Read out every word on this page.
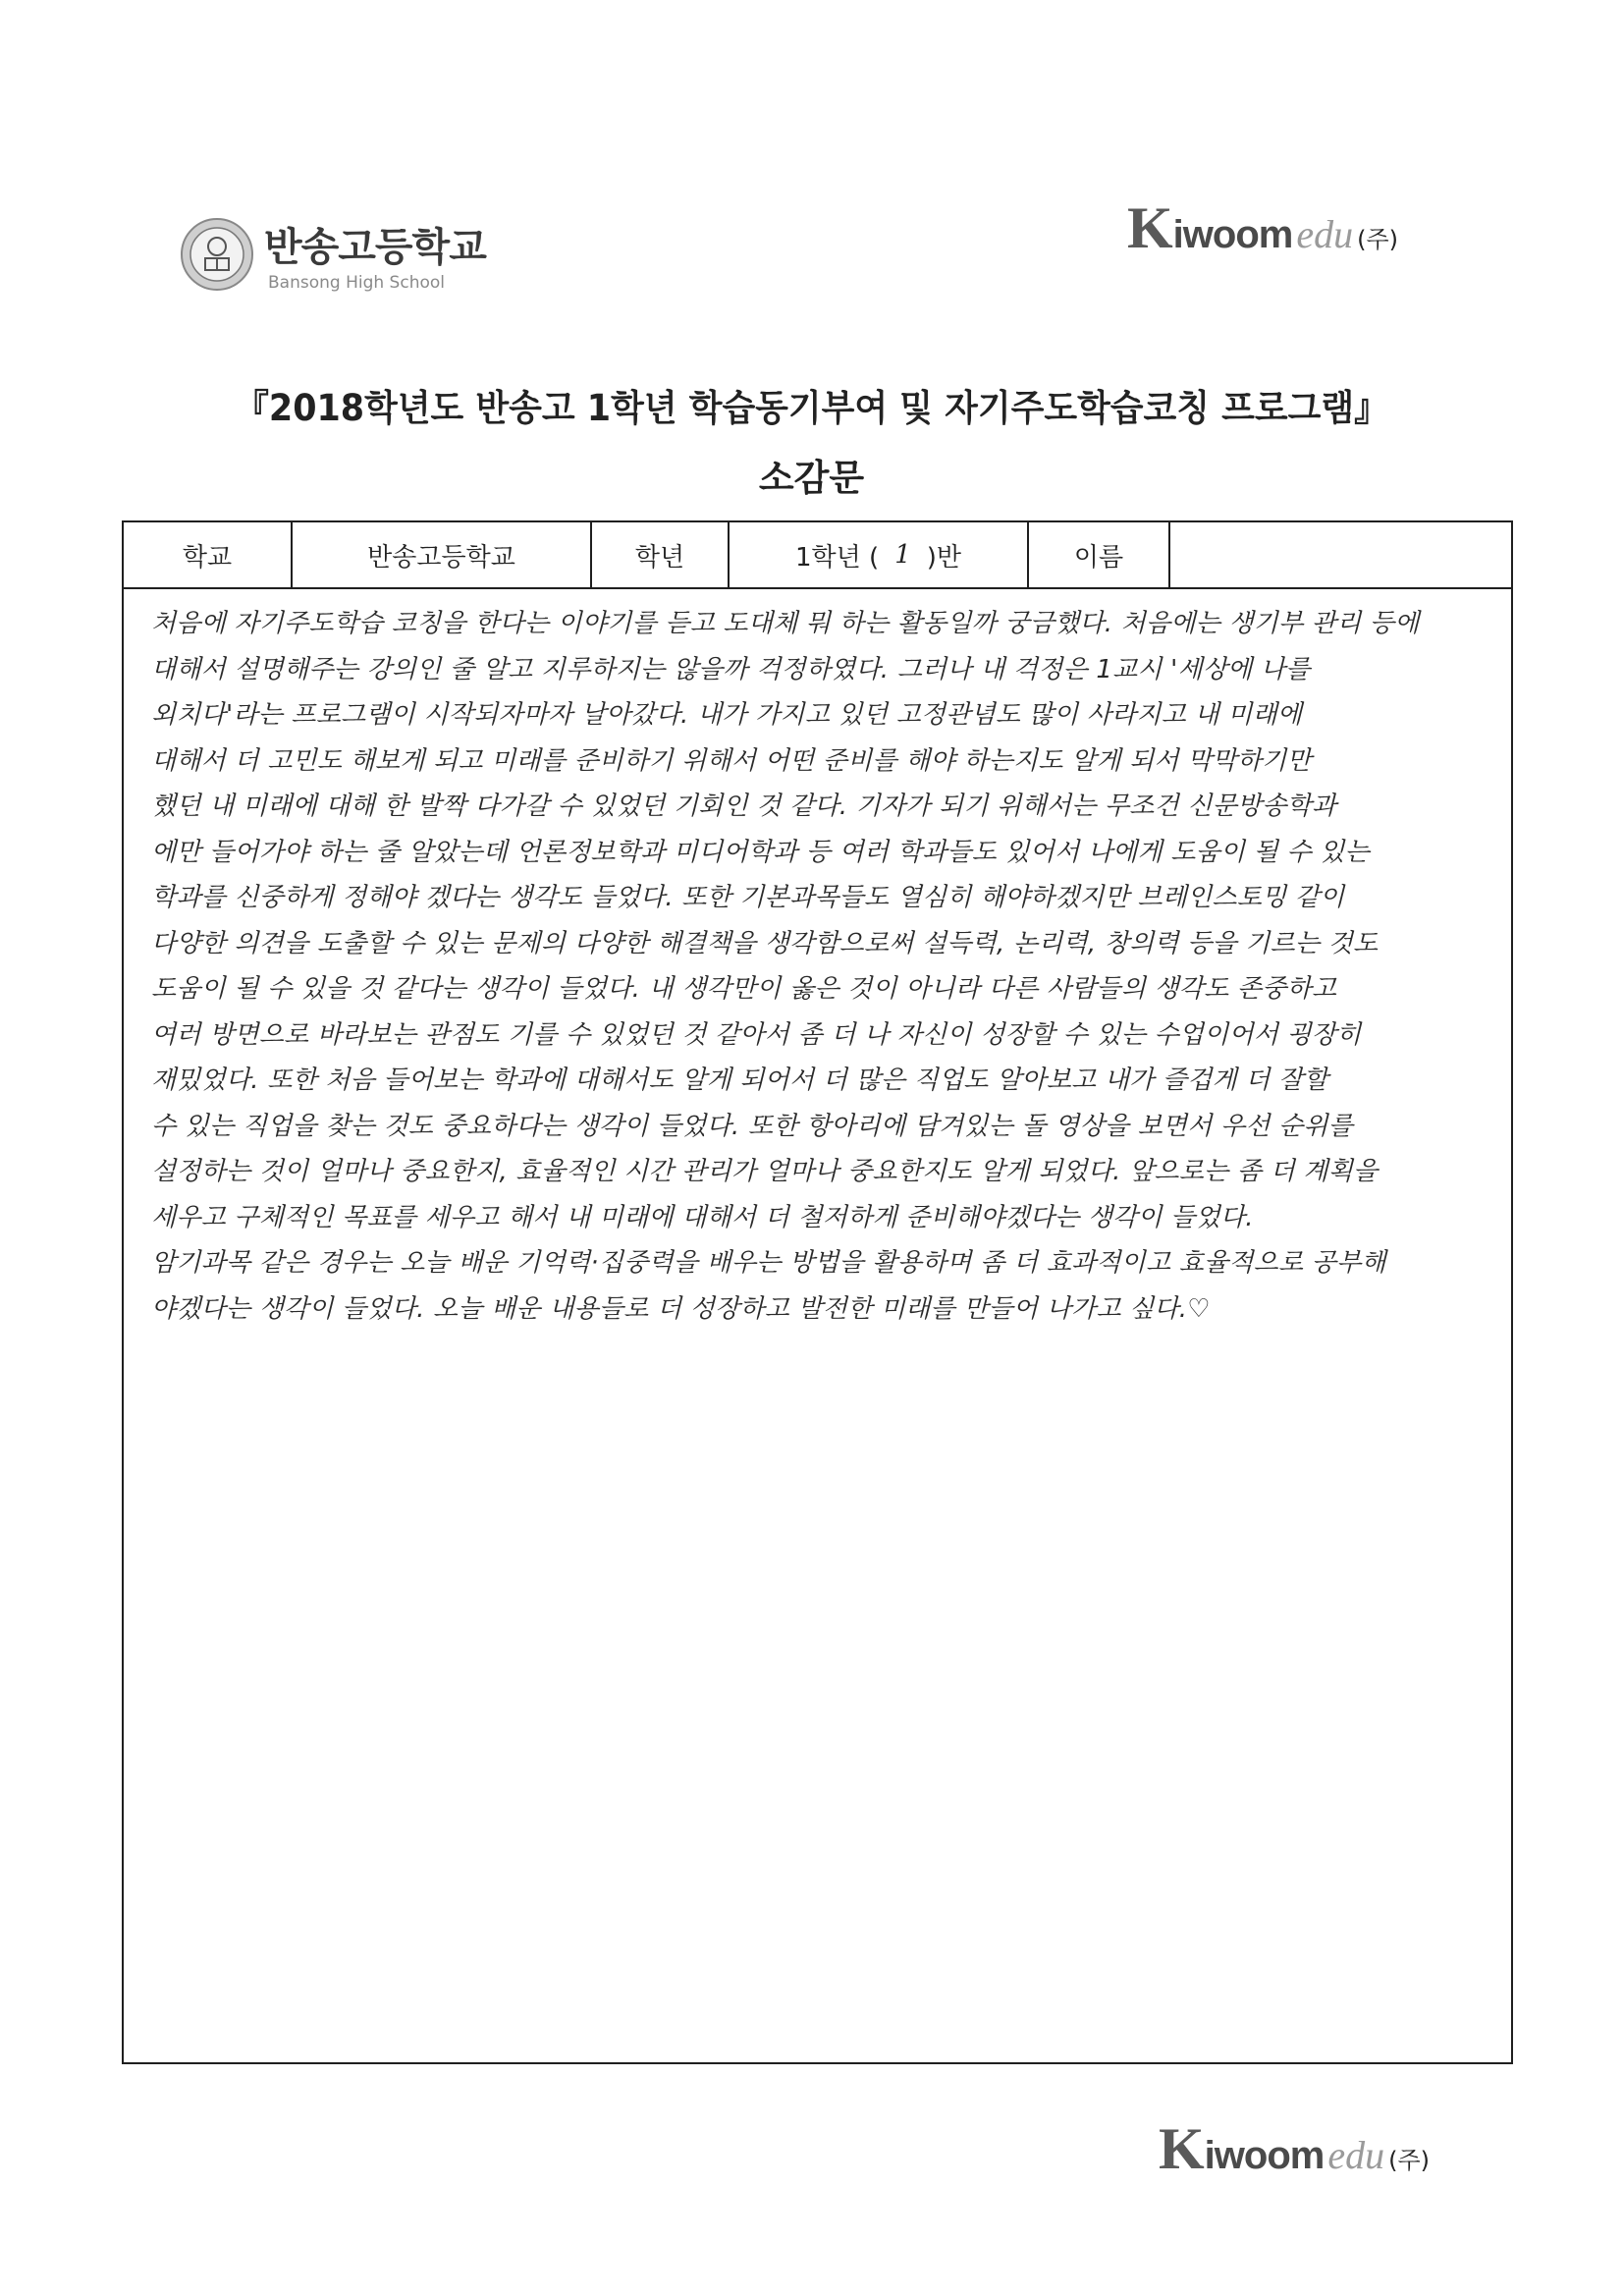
반송고등학교
Bansong High School
Kiwoom edu (주)
『2018학년도 반송고 1학년 학습동기부여 및 자기주도학습코칭 프로그램』
소감문
학교	반송고등학교	학년	1학년 ( 1 )반	이름
처음에 자기주도학습 코칭을 한다는 이야기를 듣고 도대체 뭐 하는 활동일까 궁금했다. 처음에는 생기부 관리 등에
대해서 설명해주는 강의인 줄 알고 지루하지는 않을까 걱정하였다. 그러나 내 걱정은 1교시 '세상에 나를
외치다'라는 프로그램이 시작되자마자 날아갔다. 내가 가지고 있던 고정관념도 많이 사라지고 내 미래에
대해서 더 고민도 해보게 되고 미래를 준비하기 위해서 어떤 준비를 해야 하는지도 알게 되서 막막하기만
했던 내 미래에 대해 한 발짝 다가갈 수 있었던 기회인 것 같다. 기자가 되기 위해서는 무조건 신문방송학과
에만 들어가야 하는 줄 알았는데 언론정보학과 미디어학과 등 여러 학과들도 있어서 나에게 도움이 될 수 있는
학과를 신중하게 정해야 겠다는 생각도 들었다. 또한 기본과목들도 열심히 해야하겠지만 브레인스토밍 같이
다양한 의견을 도출할 수 있는 문제의 다양한 해결책을 생각함으로써 설득력, 논리력, 창의력 등을 기르는 것도
도움이 될 수 있을 것 같다는 생각이 들었다. 내 생각만이 옳은 것이 아니라 다른 사람들의 생각도 존중하고
여러 방면으로 바라보는 관점도 기를 수 있었던 것 같아서 좀 더 나 자신이 성장할 수 있는 수업이어서 굉장히
재밌었다. 또한 처음 들어보는 학과에 대해서도 알게 되어서 더 많은 직업도 알아보고 내가 즐겁게 더 잘할
수 있는 직업을 찾는 것도 중요하다는 생각이 들었다. 또한 항아리에 담겨있는 돌 영상을 보면서 우선 순위를
설정하는 것이 얼마나 중요한지, 효율적인 시간 관리가 얼마나 중요한지도 알게 되었다. 앞으로는 좀 더 계획을
세우고 구체적인 목표를 세우고 해서 내 미래에 대해서 더 철저하게 준비해야겠다는 생각이 들었다.
암기과목 같은 경우는 오늘 배운 기억력·집중력을 배우는 방법을 활용하며 좀 더 효과적이고 효율적으로 공부해
야겠다는 생각이 들었다. 오늘 배운 내용들로 더 성장하고 발전한 미래를 만들어 나가고 싶다.♡
Kiwoom edu (주)
